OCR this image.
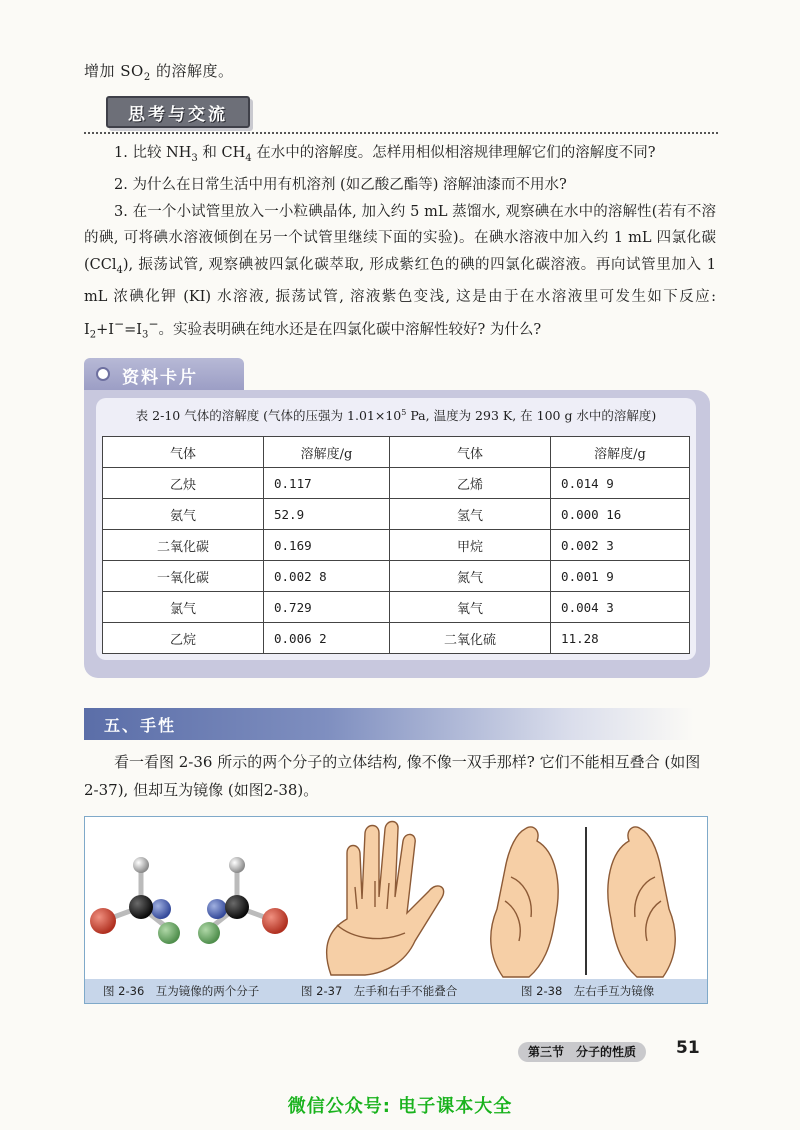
增加 $SO_2$ 的溶解度。
思考与交流

1. 比较 $NH_3$ 和 $CH_4$ 在水中的溶解度。怎样用相似相溶规律理解它们的溶解度不同?

2. 为什么在日常生活中用有机溶剂 (如乙酸乙酯等) 溶解油漆而不用水?

3. 在一个小试管里放入一小粒碘晶体, 加入约 5 mL 蒸馏水, 观察碘在水中的溶解性(若有不溶的碘, 可将碘水溶液倾倒在另一个试管里继续下面的实验)。在碘水溶液中加入约 1 mL 四氯化碳 (CCl$_4$), 振荡试管, 观察碘被四氯化碳萃取, 形成紫红色的碘的四氯化碳溶液。再向试管里加入 1 mL 浓碘化钾 (KI) 水溶液, 振荡试管, 溶液紫色变浅, 这是由于在水溶液里可发生如下反应: $I_2+I^-=I_3^-$。实验表明碘在纯水还是在四氯化碳中溶解性较好? 为什么?

资料卡片
表 2-10 气体的溶解度 (气体的压强为 $1.01\times 10^5$ Pa, 温度为 293 K, 在 100 g 水中的溶解度)
气体	溶解度/g	气体	溶解度/g
乙炔	0.117	乙烯	0.014 9
氨气	52.9	氢气	0.000 16
二氧化碳	0.169	甲烷	0.002 3
一氧化碳	0.002 8	氮气	0.001 9
氯气	0.729	氧气	0.004 3
乙烷	0.006 2	二氧化硫	11.28
五、手性

看一看图 2-36 所示的两个分子的立体结构, 像不像一双手那样? 它们不能相互叠合 (如图 2-37), 但却互为镜像 (如图2-38)。

图 2-36　互为镜像的两个分子	图 2-37　左手和右手不能叠合	图 2-38　左右手互为镜像
第三节　分子的性质	51
微信公众号: 电子课本大全
